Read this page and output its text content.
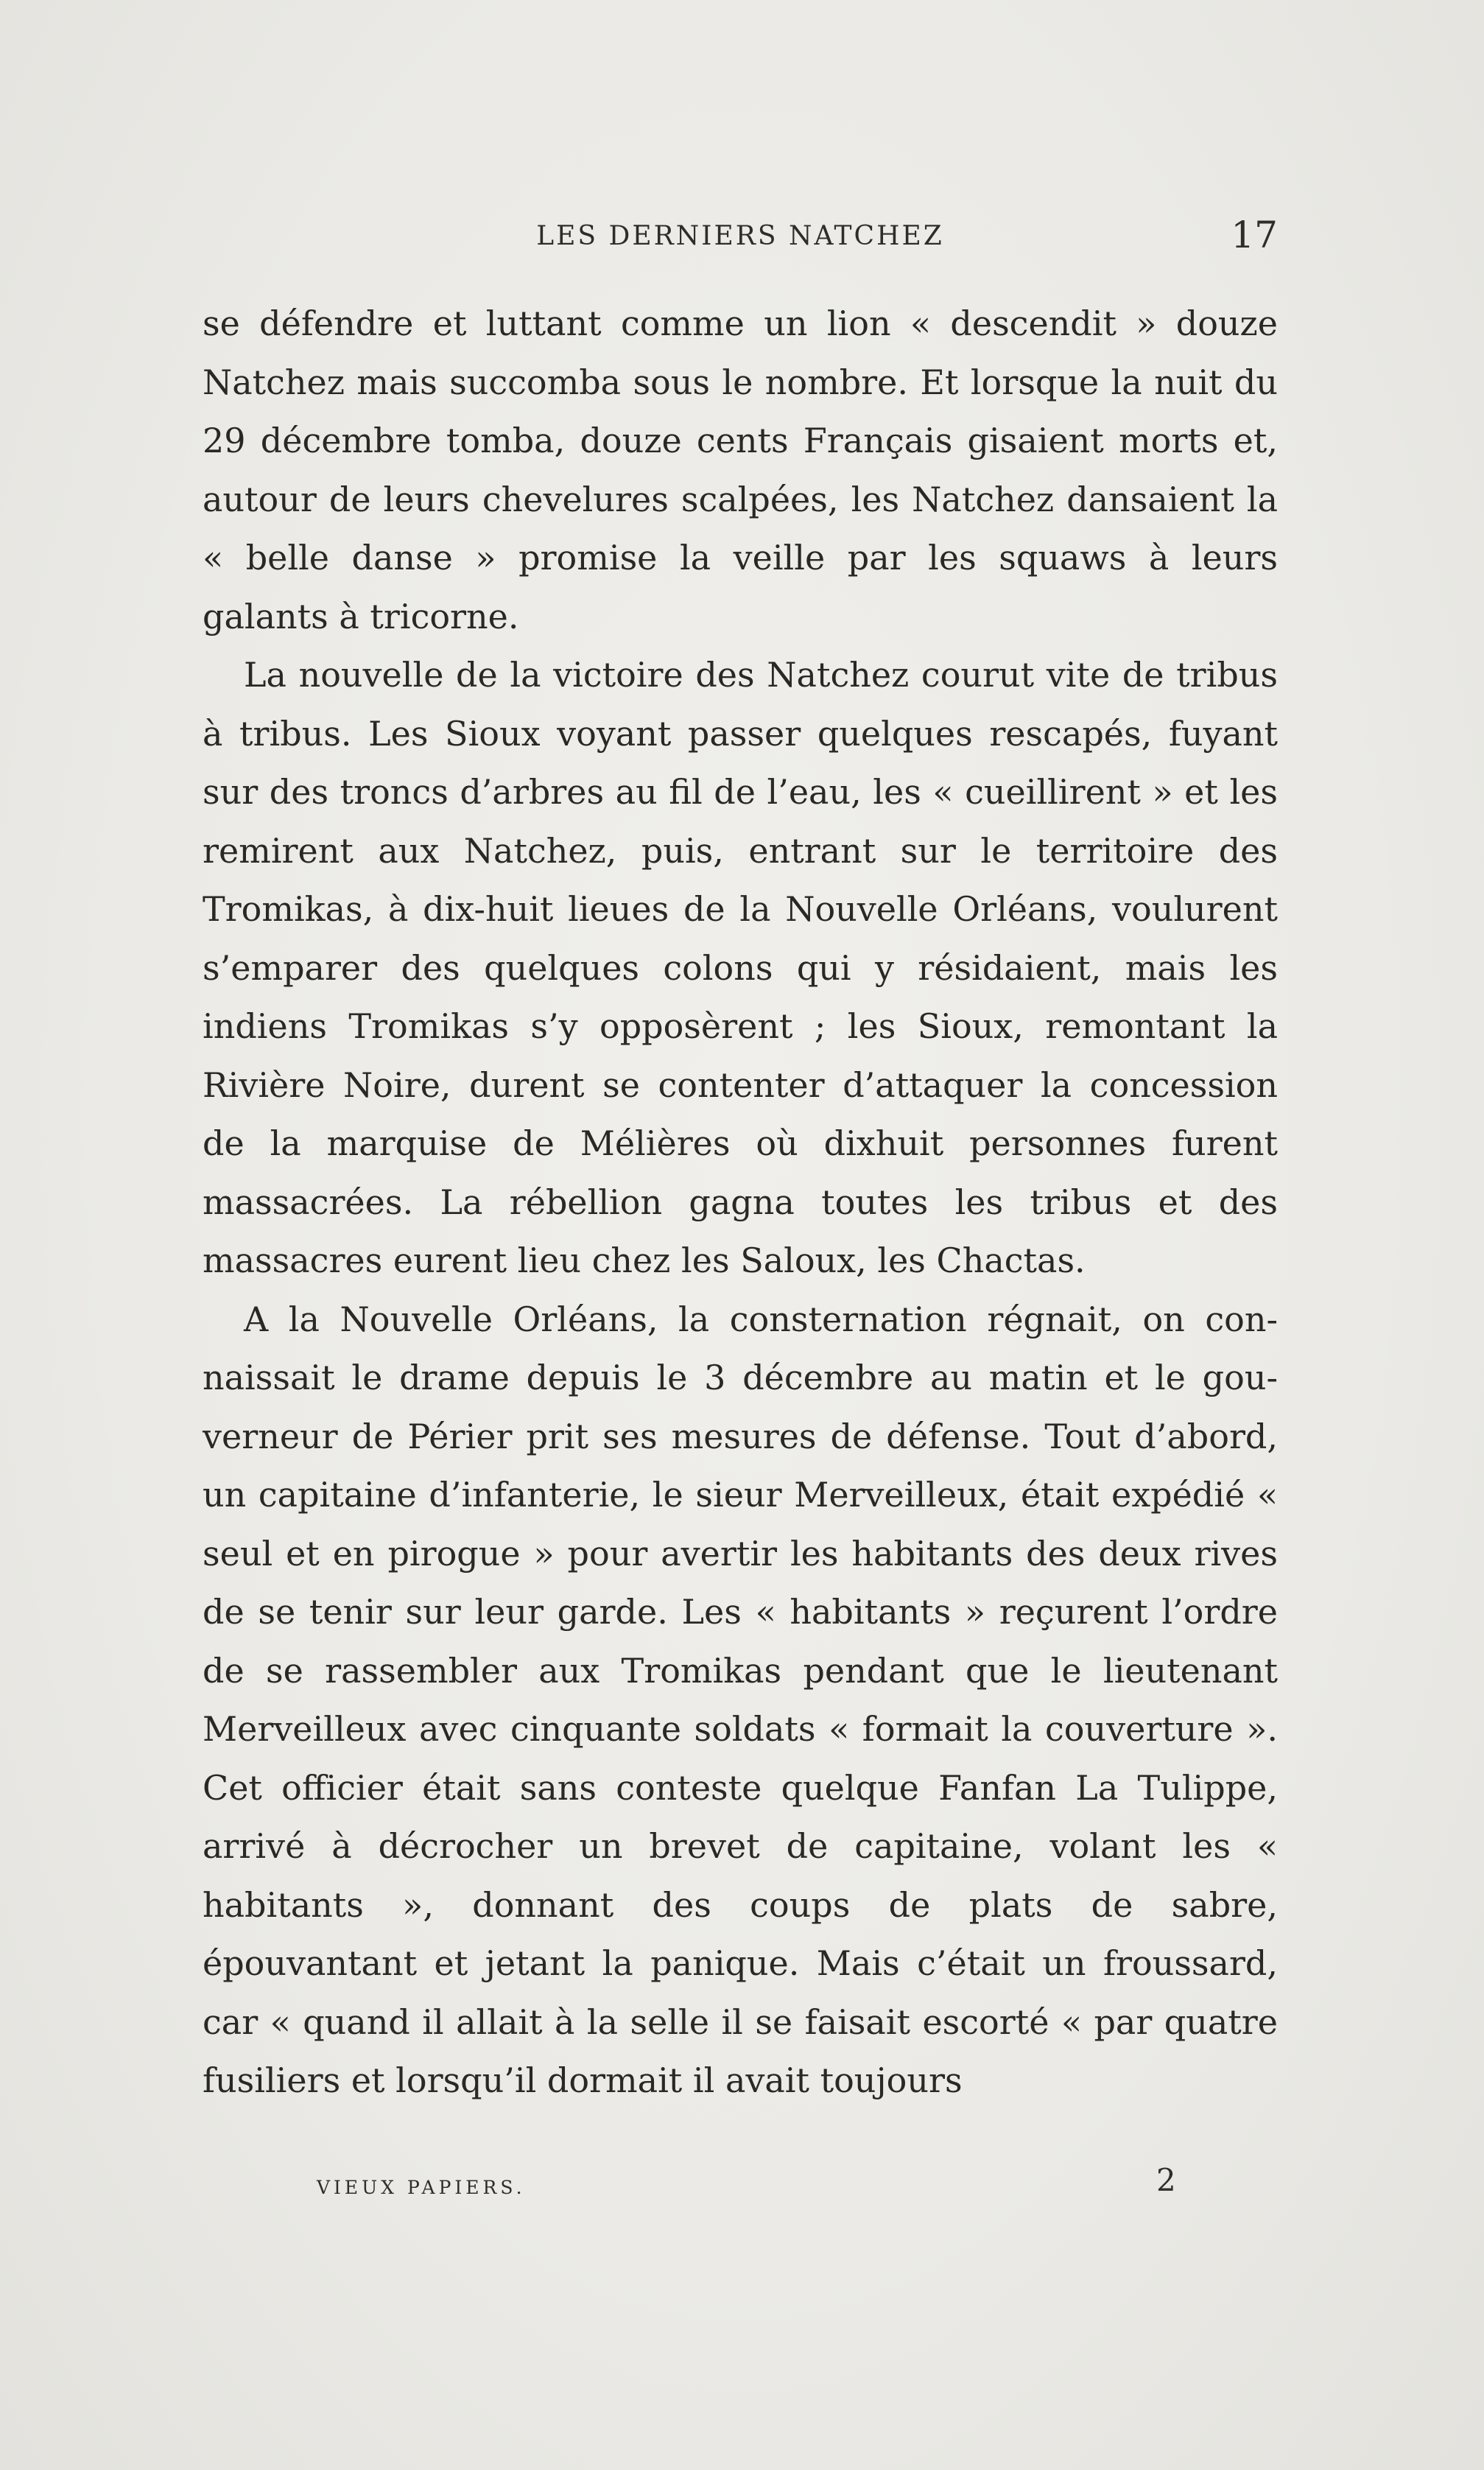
LES DERNIERS NATCHEZ	17

se défendre et luttant comme un lion « descendit » douze Natchez mais succomba sous le nombre. Et lorsque la nuit du 29 décembre tomba, douze cents Français gisaient morts et, autour de leurs chevelures scalpées, les Natchez dansaient la « belle danse » promise la veille par les squaws à leurs galants à tricorne.

La nouvelle de la victoire des Natchez courut vite de tribus à tribus. Les Sioux voyant passer quelques rescapés, fuyant sur des troncs d’arbres au fil de l’eau, les « cueillirent » et les remirent aux Natchez, puis, entrant sur le territoire des Tromikas, à dix-huit lieues de la Nouvelle Orléans, voulurent s’emparer des quelques colons qui y résidaient, mais les indiens Tromikas s’y opposèrent ; les Sioux, remontant la Rivière Noire, durent se contenter d’attaquer la concession de la marquise de Mélières où dixhuit personnes furent massacrées. La rébellion gagna toutes les tribus et des massacres eurent lieu chez les Saloux, les Chactas.

A la Nouvelle Orléans, la consternation régnait, on connaissait le drame depuis le 3 décembre au matin et le gouverneur de Périer prit ses mesures de défense. Tout d’abord, un capitaine d’infanterie, le sieur Merveilleux, était expédié « seul et en pirogue » pour avertir les habitants des deux rives de se tenir sur leur garde. Les « habitants » reçurent l’ordre de se rassembler aux Tromikas pendant que le lieutenant Merveilleux avec cinquante soldats « formait la couverture ». Cet officier était sans conteste quelque Fanfan La Tulippe, arrivé à décrocher un brevet de capitaine, volant les « habitants », donnant des coups de plats de sabre, épouvantant et jetant la panique. Mais c’était un froussard, car « quand il allait à la selle il se faisait escorté « par quatre fusiliers et lorsqu’il dormait il avait toujours

VIEUX PAPIERS.	2
